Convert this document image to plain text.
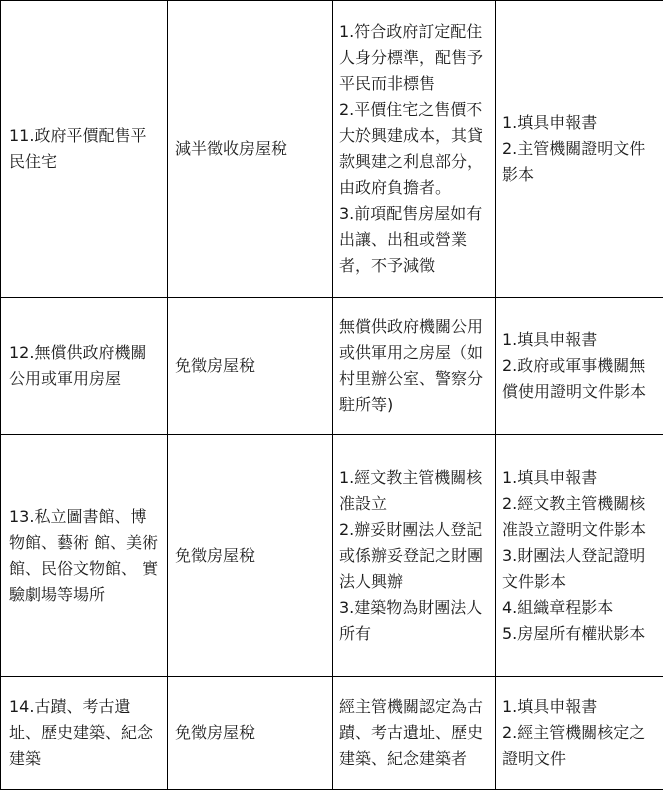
11.政府平價配售平民住宅	減半徵收房屋稅	1.符合政府訂定配住人身分標準，配售予平民而非標售
2.平價住宅之售價不大於興建成本，其貸款興建之利息部分，由政府負擔者。
3.前項配售房屋如有出讓、出租或營業者，不予減徵	1.填具申報書
2.主管機關證明文件影本

12.無償供政府機關公用或軍用房屋	免徵房屋稅	無償供政府機關公用或供軍用之房屋（如村里辦公室、警察分駐所等)	1.填具申報書
2.政府或軍事機關無償使用證明文件影本

13.私立圖書館、博物館、藝術 館、美術館、民俗文物館、 實驗劇場等場所	免徵房屋稅	1.經文教主管機關核准設立
2.辦妥財團法人登記或係辦妥登記之財團法人興辦
3.建築物為財團法人所有	1.填具申報書
2.經文教主管機關核准設立證明文件影本
3.財團法人登記證明文件影本
4.組織章程影本
5.房屋所有權狀影本

14.古蹟、考古遺址、歷史建築、紀念建築	免徵房屋稅	經主管機關認定為古蹟、考古遺址、歷史建築、紀念建築者	1.填具申報書
2.經主管機關核定之證明文件
